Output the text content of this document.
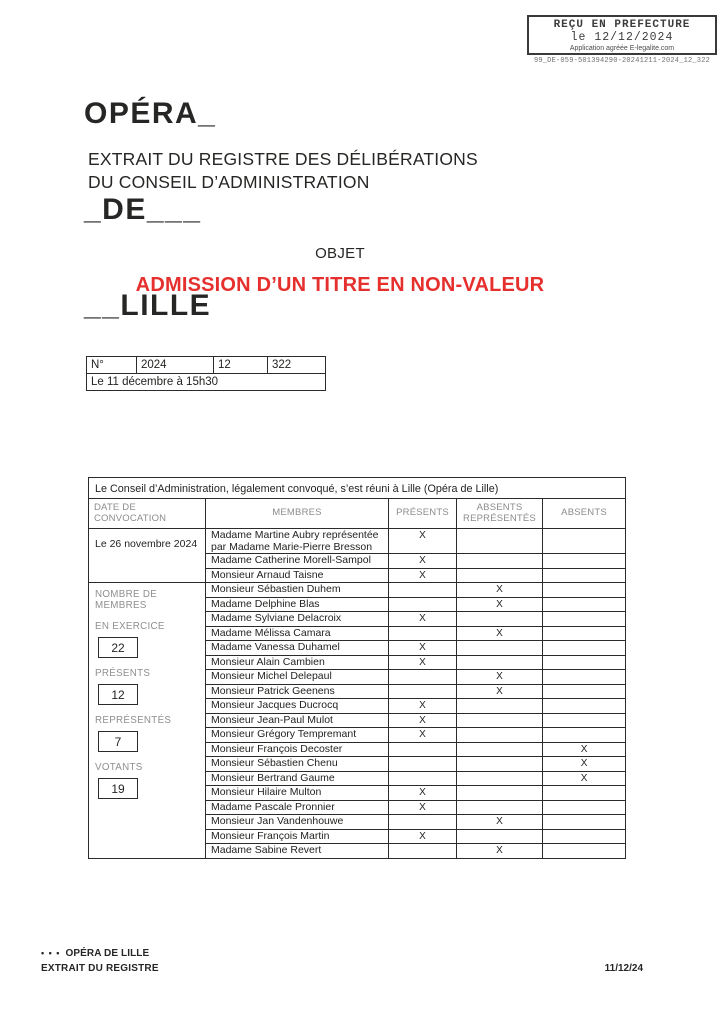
OPÉRA_

_DE___

__LILLE

REÇU EN PREFECTURE
le 12/12/2024
Application agréée E-legalite.com
99_DE-059-501394290-20241211-2024_12_322
EXTRAIT DU REGISTRE DES DÉLIBÉRATIONS
DU CONSEIL D’ADMINISTRATION
OBJET
ADMISSION D’UN TITRE EN NON-VALEUR
N°	2024	12	322
Le 11 décembre à 15h30
Le Conseil d’Administration, légalement convoqué, s’est réuni à Lille (Opéra de Lille)				
DATE DE CONVOCATION	MEMBRES	PRÉSENTS	ABSENTS REPRÉSENTÉS	ABSENTS
Le 26 novembre 2024	Madame Martine Aubry représentée par Madame Marie-Pierre Bresson	X		
	Madame Catherine Morell-Sampol	X		
	Monsieur Arnaud Taisne	X		

NOMBRE DE MEMBRES
EN EXERCICE
22
PRÉSENTS
12
REPRÉSENTÉS
7
VOTANTS
19
	Monsieur Sébastien Duhem		X	
	Madame Delphine Blas		X	
	Madame Sylviane Delacroix	X		
	Madame Mélissa Camara		X	
	Madame Vanessa Duhamel	X		
	Monsieur Alain Cambien	X		
	Monsieur Michel Delepaul		X	
	Monsieur Patrick Geenens		X	
	Monsieur Jacques Ducrocq	X		
	Monsieur Jean-Paul Mulot	X		
	Monsieur Grégory Tempremant	X		
	Monsieur François Decoster			X
	Monsieur Sébastien Chenu			X
	Monsieur Bertrand Gaume			X
	Monsieur Hilaire Multon	X		
	Madame Pascale Pronnier	X		
	Monsieur Jan Vandenhouwe		X	
	Monsieur François Martin	X		
	Madame Sabine Revert		X	
• • • OPÉRA DE LILLE
EXTRAIT DU REGISTRE	11/12/24
